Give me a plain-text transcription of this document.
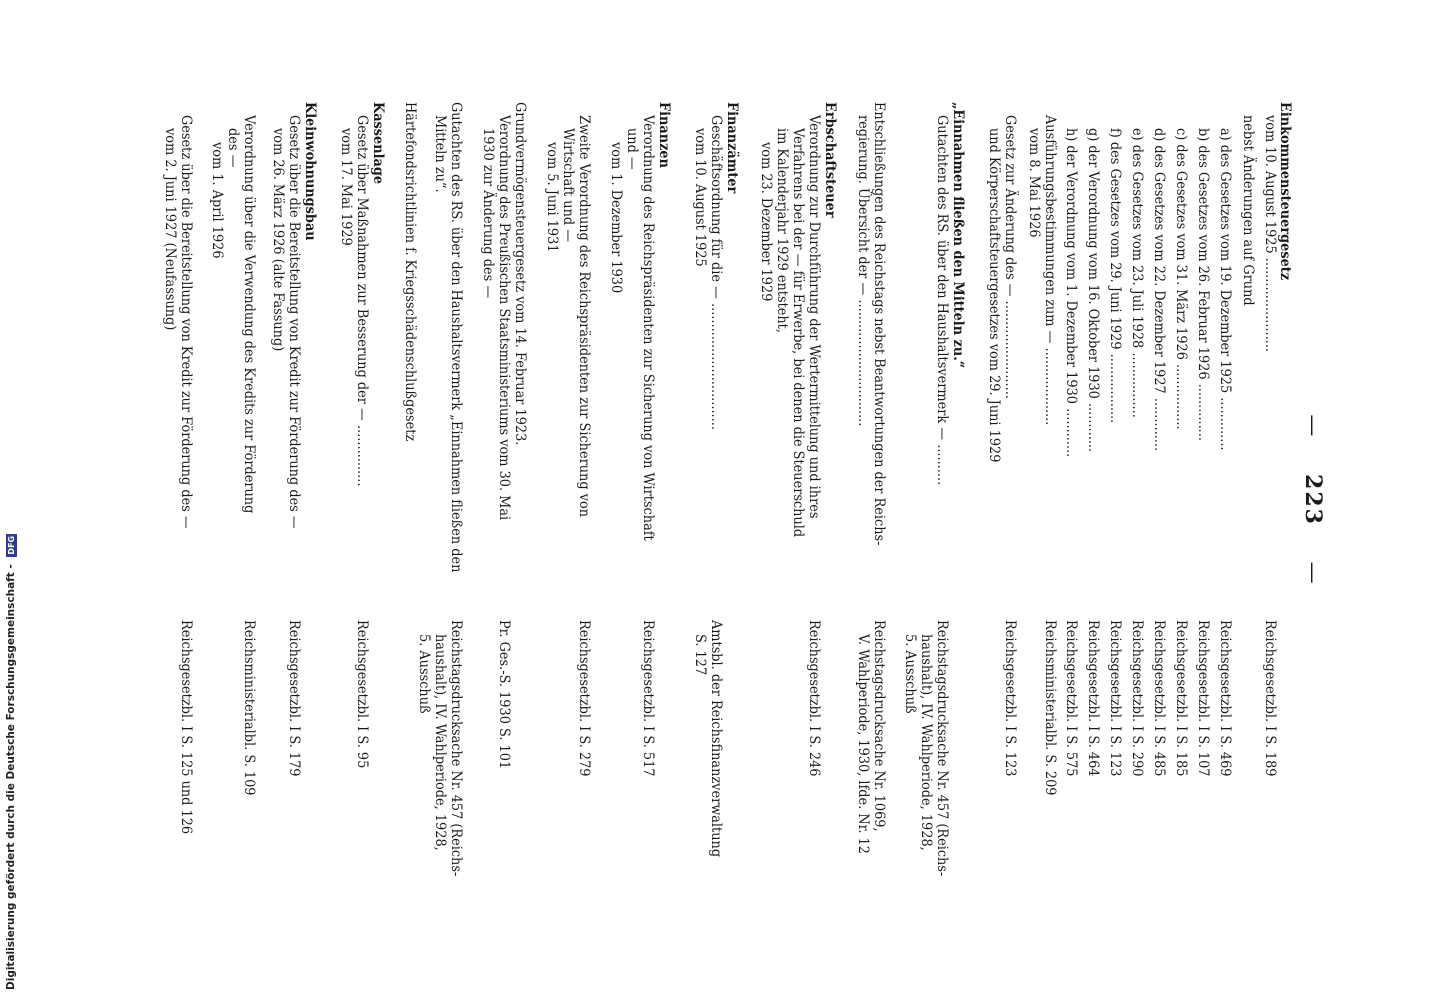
— 223 —
Einkommensteuergesetz
vom 10. August 1925 .......................
nebst Änderungen auf Grund
a) des Gesetzes vom 19. Dezember 1925 .............
b) des Gesetzes vom 26. Februar 1926 ..............
c) des Gesetzes vom 31. März 1926 ................
d) des Gesetzes vom 22. Dezember 1927 .............
e) des Gesetzes vom 23. Juli 1928 ................
f) des Gesetzes vom 29. Juni 1929 .................
g) der Verordnung vom 16. Oktober 1930 ............
h) der Verordnung vom 1. Dezember 1930 ............
Ausführungsbestimmungen zum — ...................
vom 8. Mai 1926
Gesetz zur Änderung des — ........................
und Körperschaftsteuergesetzes vom 29. Juni 1929
„Einnahmen fließen den Mitteln zu.“
Gutachten des RS. über den Haushaltsvermerk — ..........
Entschließungen des Reichstags nebst Beantwortungen der Reichs-
regierung. Übersicht der — ...............................
Erbschaftsteuer
Verordnung zur Durchführung der Wertermittelung und ihres
Verfahrens bei der — für Erwerbe, bei denen die Steuerschuld
im Kalenderjahr 1929 entsteht,
vom 23. Dezember 1929
Finanzämter
Geschäftsordnung für die — ...............................
vom 10. August 1925
Finanzen
Verordnung des Reichspräsidenten zur Sicherung von Wirtschaft
und —
vom 1. Dezember 1930
Zweite Verordnung des Reichspräsidenten zur Sicherung von
Wirtschaft und —
vom 5. Juni 1931
Grundvermögensteuergesetz vom 14. Februar 1923.
Verordnung des Preußischen Staatsministeriums vom 30. Mai
1930 zur Änderung des —
Gutachten des RS. über den Haushaltsvermerk „Einnahmen fließen den
Mitteln zu“.
Härtefondsrichtlinien f. Kriegsschädenschlußgesetz
Kassenlage
Gesetz über Maßnahmen zur Besserung der — ...............
vom 17. Mai 1929
Kleinwohnungsbau
Gesetz über die Bereitstellung von Kredit zur Förderung des —
vom 26. März 1926 (alte Fassung)
Verordnung über die Verwendung des Kredits zur Förderung
des —
vom 1. April 1926
Gesetz über die Bereitstellung von Kredit zur Förderung des —
vom 2. Juni 1927 (Neufassung)
Reichsgesetzbl. I S. 189
Reichsgesetzbl. I S. 469
Reichsgesetzbl. I S. 107
Reichsgesetzbl. I S. 185
Reichsgesetzbl. I S. 485
Reichsgesetzbl. I S. 290
Reichsgesetzbl. I S. 123
Reichsgesetzbl. I S. 464
Reichsgesetzbl. I S. 575
Reichsministerialbl. S. 209
Reichsgesetzbl. I S. 123
Reichstagsdrucksache Nr. 457 (Reichs-
haushalt), IV. Wahlperiode, 1928,
5. Ausschuß
Reichstagsdrucksache Nr. 1069,
V. Wahlperiode, 1930, lfde. Nr. 12
Reichsgesetzbl. I S. 246
Amtsbl. der Reichsfinanzverwaltung
S. 127
Reichsgesetzbl. I S. 517
Reichsgesetzbl. I S. 279
Pr. Ges.-S. 1930 S. 101
Reichstagsdrucksache Nr. 457 (Reichs-
haushalt), IV. Wahlperiode, 1928,
5. Ausschuß
Reichsgesetzbl. I S. 95
Reichsgesetzbl. I S. 179
Reichsministerialbl. S. 109
Reichsgesetzbl. I S. 125 und 126
Digitalisierung gefördert durch die Deutsche Forschungsgemeinschaft - DFG
